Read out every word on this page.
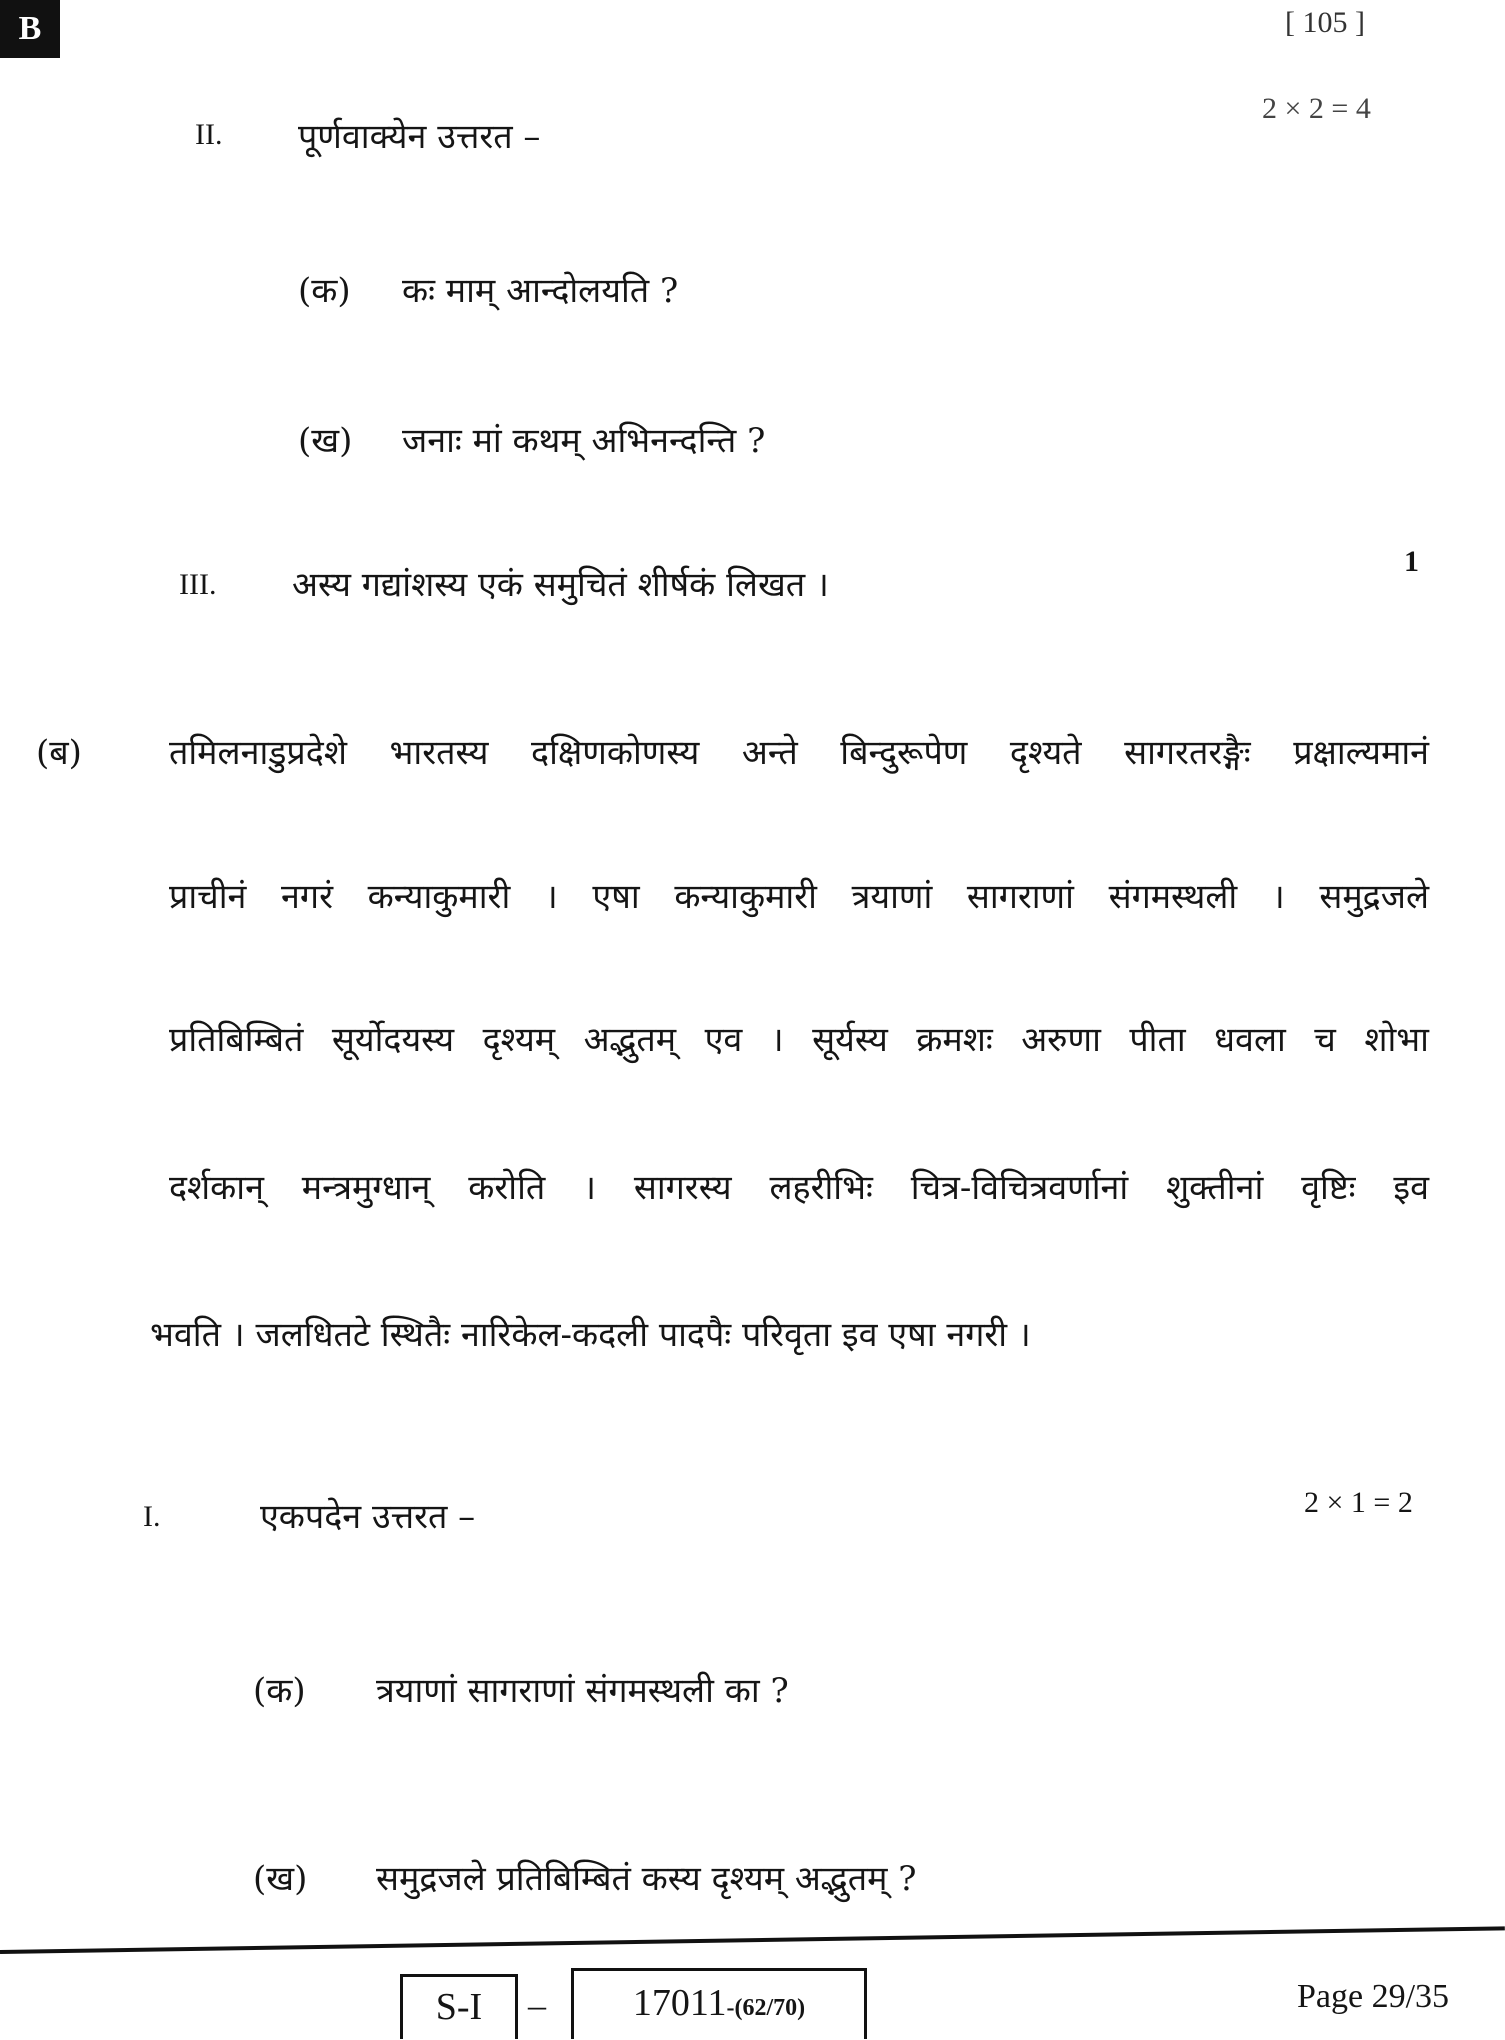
B	[ 105 ]
II. पूर्णवाक्येन उत्तरत –
2 × 2 = 4
(क) कः माम् आन्दोलयति ?
(ख) जनाः मां कथम् अभिनन्दन्ति ?
III. अस्य गद्यांशस्य एकं समुचितं शीर्षकं लिखत ।
1
(ब)	तमिलनाडुप्रदेशे भारतस्य दक्षिणकोणस्य अन्ते बिन्दुरूपेण दृश्यते सागरतरङ्गैः प्रक्षाल्यमानं
प्राचीनं नगरं कन्याकुमारी । एषा कन्याकुमारी त्रयाणां सागराणां संगमस्थली । समुद्रजले
प्रतिबिम्बितं सूर्योदयस्य दृश्यम् अद्भुतम् एव । सूर्यस्य क्रमशः अरुणा पीता धवला च शोभा
दर्शकान् मन्त्रमुग्धान् करोति । सागरस्य लहरीभिः चित्र-विचित्रवर्णानां शुक्तीनां वृष्टिः इव
भवति । जलधितटे स्थितैः नारिकेल-कदली पादपैः परिवृता इव एषा नगरी ।
I.	एकपदेन उत्तरत –	2 × 1 = 2
(क) त्रयाणां सागराणां संगमस्थली का ?
(ख) समुद्रजले प्रतिबिम्बितं कस्य दृश्यम् अद्भुतम् ?
S-I	–	17011-(62/70)	Page 29/35
